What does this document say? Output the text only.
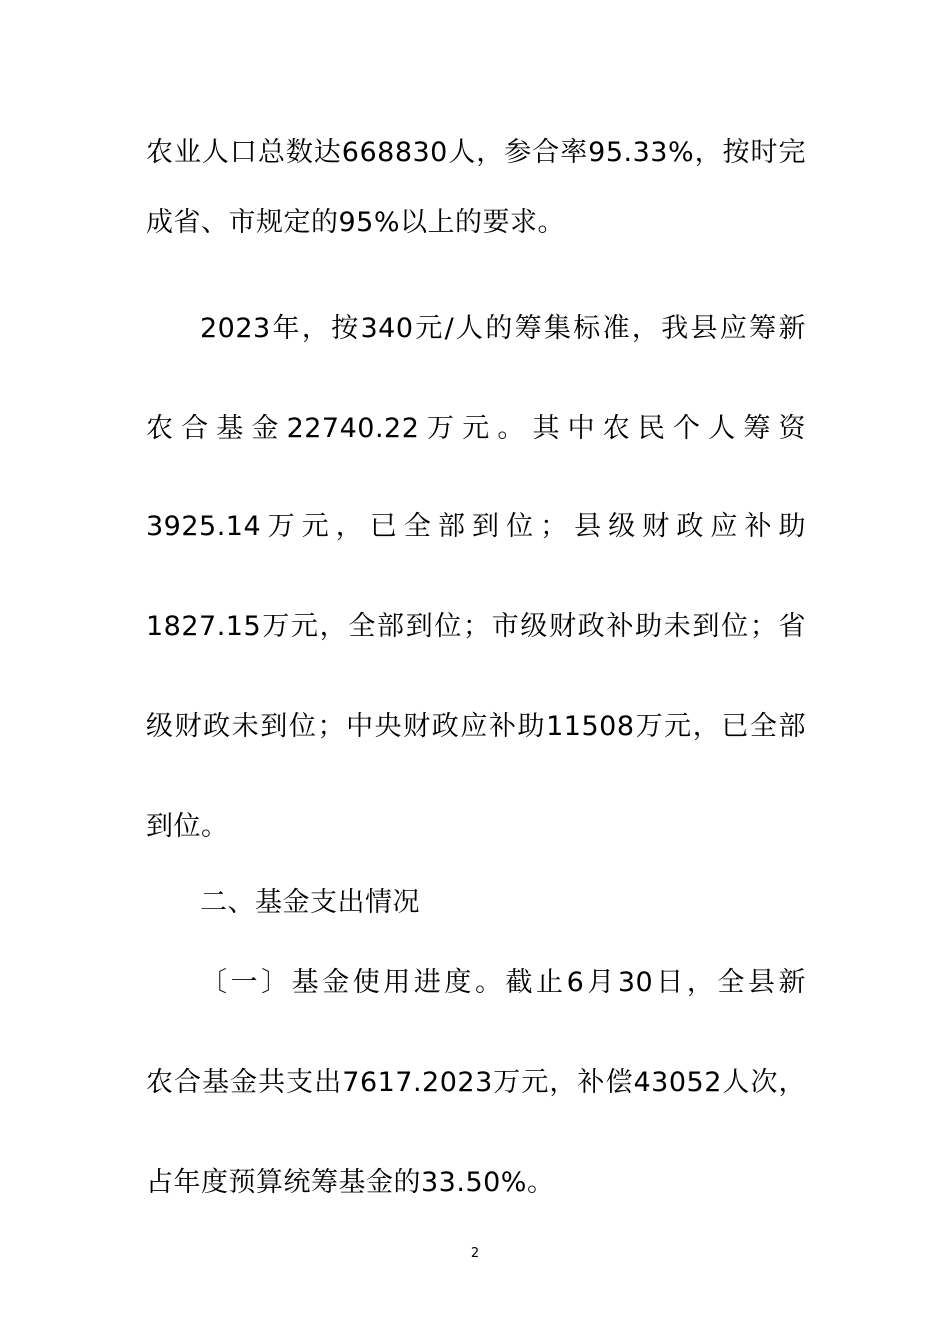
农业人口总数达668830人，参合率95.33%，按时完
成省、市规定的95%以上的要求。
2023年，按340元/人的筹集标准，我县应筹新
农合基金22740.22万元。其中农民个人筹资
3925.14万元，已全部到位；县级财政应补助
1827.15万元，全部到位；市级财政补助未到位；省
级财政未到位；中央财政应补助11508万元，已全部
到位。
二、基金支出情况
〔一〕基金使用进度。截止6月30日，全县新
农合基金共支出7617.2023万元，补偿43052人次，
占年度预算统筹基金的33.50%。
2
